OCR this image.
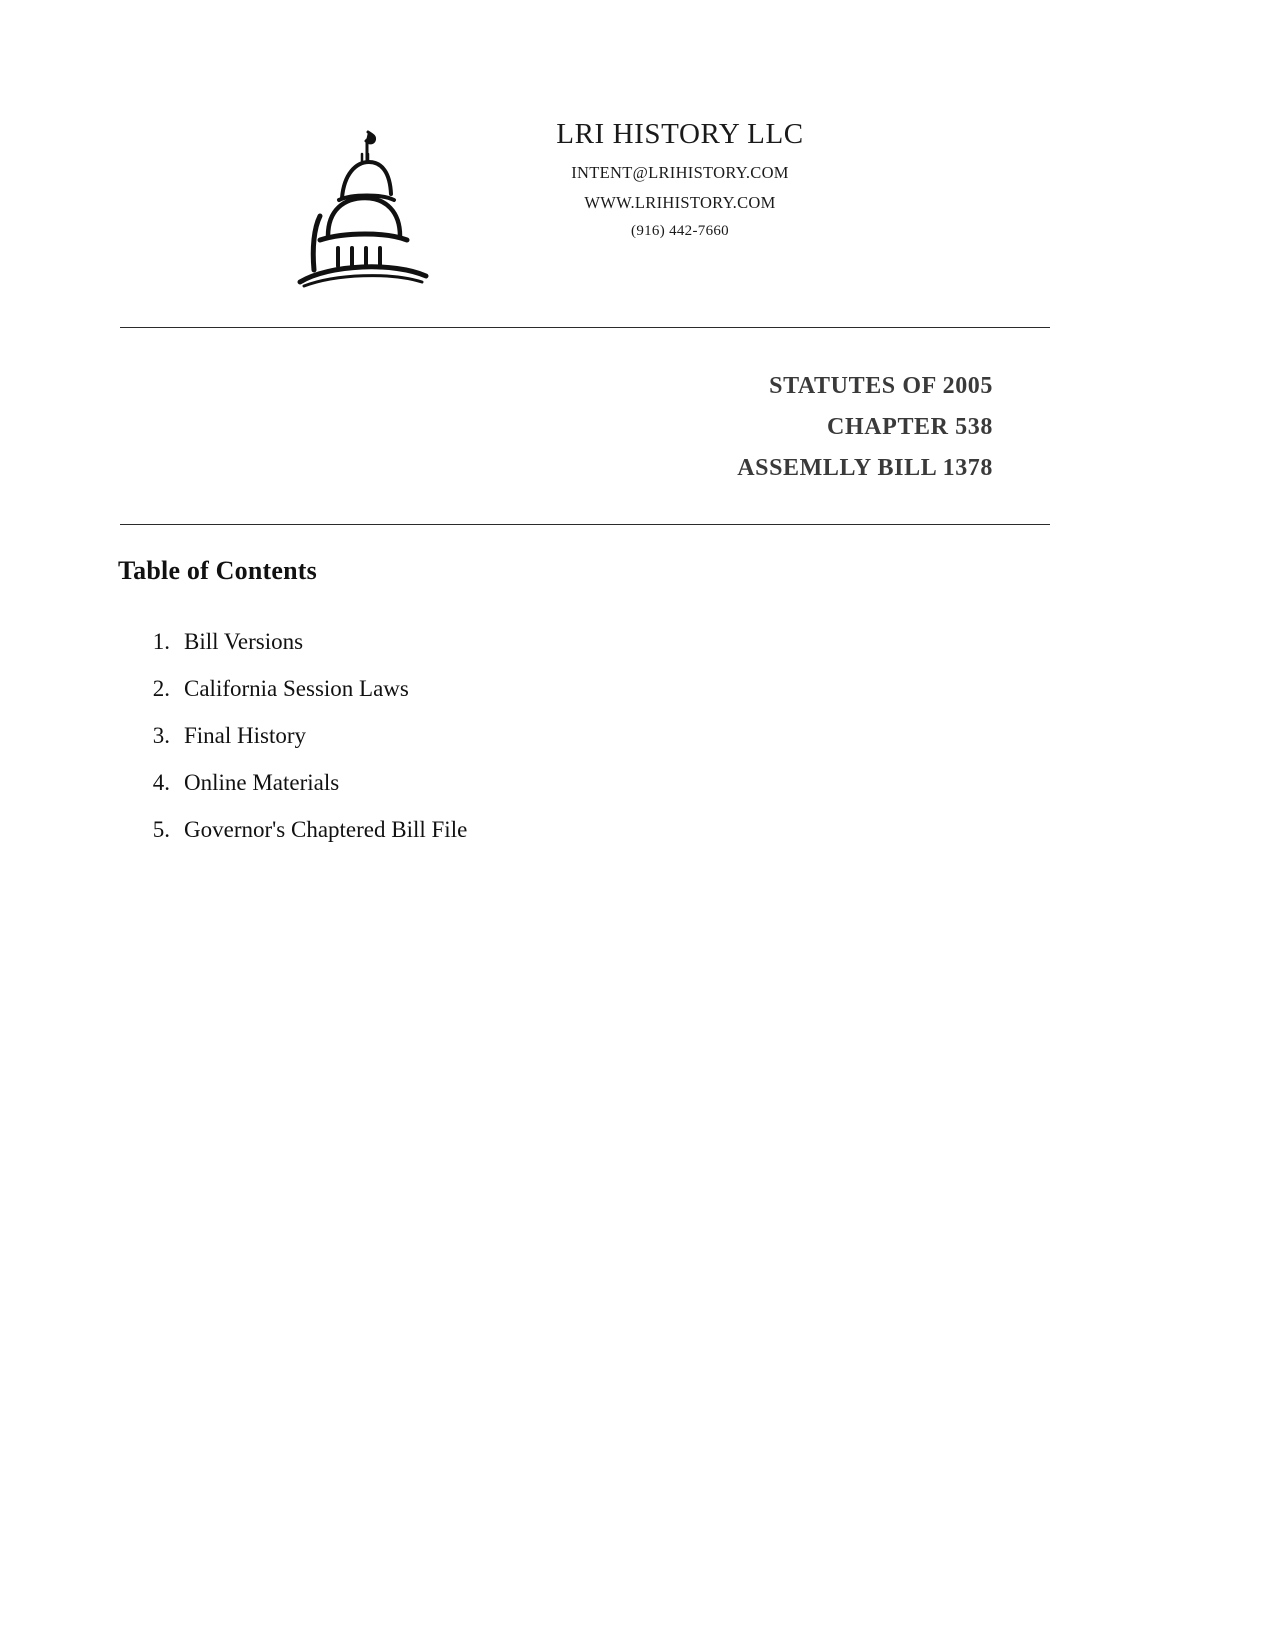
LRI HISTORY LLC
INTENT@LRIHISTORY.COM
WWW.LRIHISTORY.COM
(916) 442-7660
STATUTES OF 2005
CHAPTER 538
ASSEMLLY BILL 1378
Table of Contents
1. Bill Versions
2. California Session Laws
3. Final History
4. Online Materials
5. Governor's Chaptered Bill File
